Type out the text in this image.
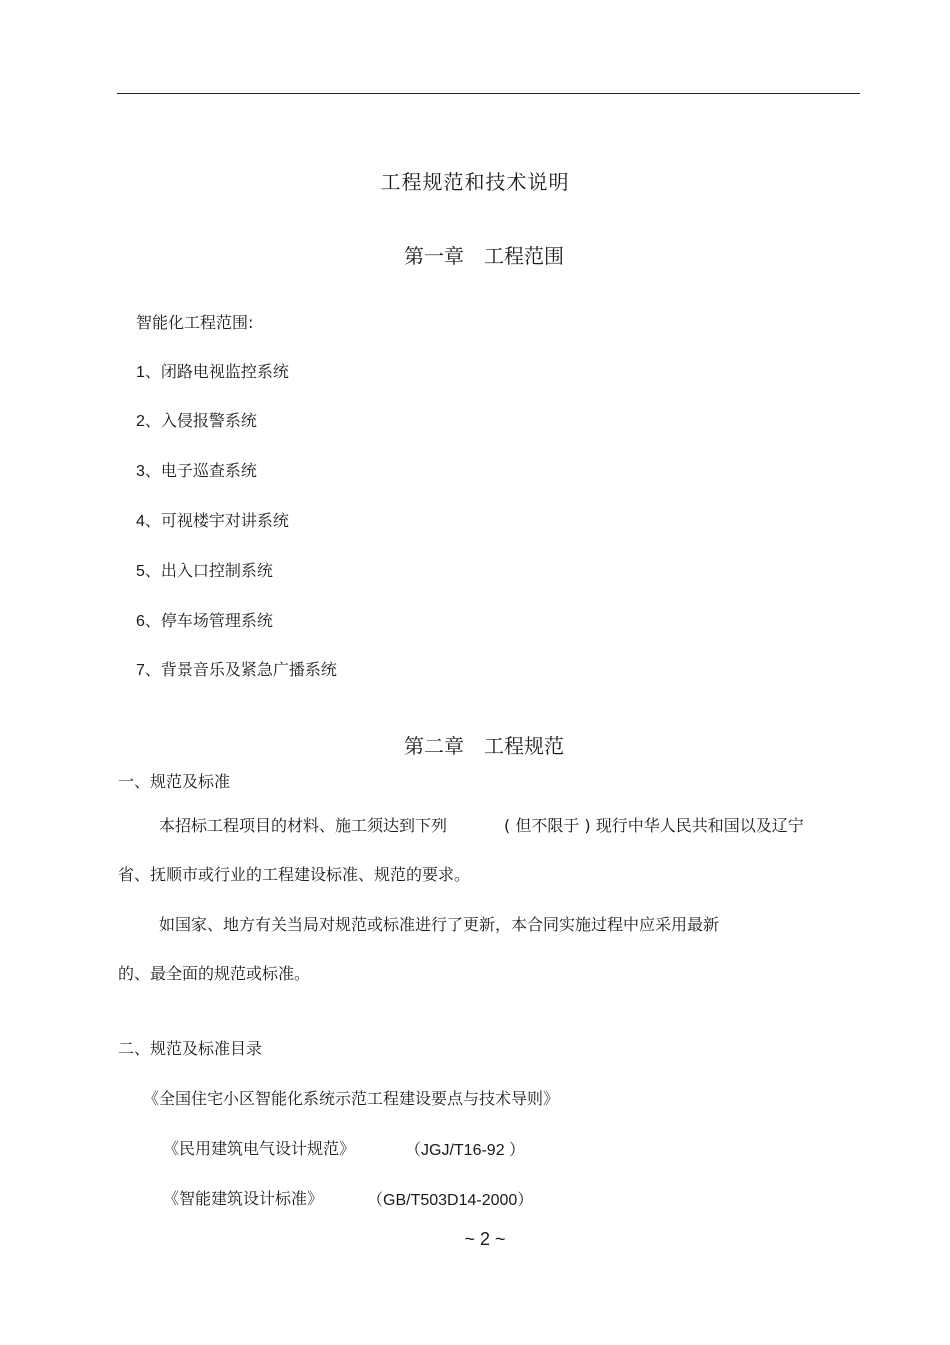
工程规范和技术说明
第一章 工程范围
智能化工程范围:
1、闭路电视监控系统
2、入侵报警系统
3、电子巡查系统
4、可视楼宇对讲系统
5、出入口控制系统
6、停车场管理系统
7、背景音乐及紧急广播系统
第二章 工程规范
一、规范及标准
本招标工程项目的材料、施工须达到下列	( 但不限于 ) 现行中华人民共和国以及辽宁
省、抚顺市或行业的工程建设标准、规范的要求。
如国家、地方有关当局对规范或标准进行了更新，本合同实施过程中应采用最新
的、最全面的规范或标准。
二、规范及标准目录
《全国住宅小区智能化系统示范工程建设要点与技术导则》
《民用建筑电气设计规范》	（JGJ/T16-92 ）
《智能建筑设计标准》	（GB/T503D14-2000）
~ 2 ~
